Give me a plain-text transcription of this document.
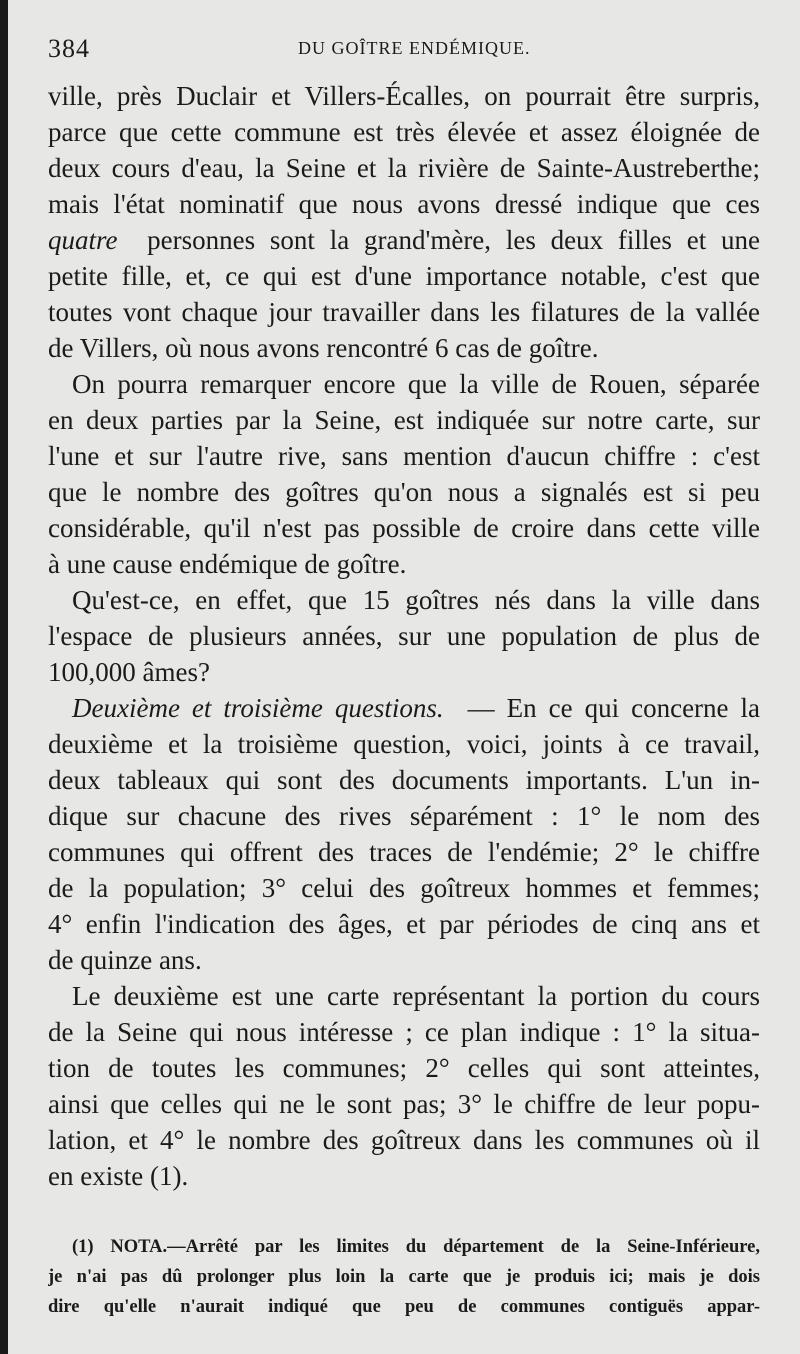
384	DU GOÎTRE ENDÉMIQUE.
ville, près Duclair et Villers-Écalles, on pourrait être surpris,
parce que cette commune est très élevée et assez éloignée de
deux cours d'eau, la Seine et la rivière de Sainte-Austreberthe;
mais l'état nominatif que nous avons dressé indique que ces
quatre personnes sont la grand'mère, les deux filles et une
petite fille, et, ce qui est d'une importance notable, c'est que
toutes vont chaque jour travailler dans les filatures de la vallée
de Villers, où nous avons rencontré 6 cas de goître.
On pourra remarquer encore que la ville de Rouen, séparée
en deux parties par la Seine, est indiquée sur notre carte, sur
l'une et sur l'autre rive, sans mention d'aucun chiffre : c'est
que le nombre des goîtres qu'on nous a signalés est si peu
considérable, qu'il n'est pas possible de croire dans cette ville
à une cause endémique de goître.
Qu'est-ce, en effet, que 15 goîtres nés dans la ville dans
l'espace de plusieurs années, sur une population de plus de
100,000 âmes?
Deuxième et troisième questions. — En ce qui concerne la
deuxième et la troisième question, voici, joints à ce travail,
deux tableaux qui sont des documents importants. L'un in-
dique sur chacune des rives séparément : 1° le nom des
communes qui offrent des traces de l'endémie; 2° le chiffre
de la population; 3° celui des goîtreux hommes et femmes;
4° enfin l'indication des âges, et par périodes de cinq ans et
de quinze ans.
Le deuxième est une carte représentant la portion du cours
de la Seine qui nous intéresse ; ce plan indique : 1° la situa-
tion de toutes les communes; 2° celles qui sont atteintes,
ainsi que celles qui ne le sont pas; 3° le chiffre de leur popu-
lation, et 4° le nombre des goîtreux dans les communes où il
en existe (1).
(1) NOTA.—Arrêté par les limites du département de la Seine-Inférieure,
je n'ai pas dû prolonger plus loin la carte que je produis ici; mais je dois
dire qu'elle n'aurait indiqué que peu de communes contiguës appar-
